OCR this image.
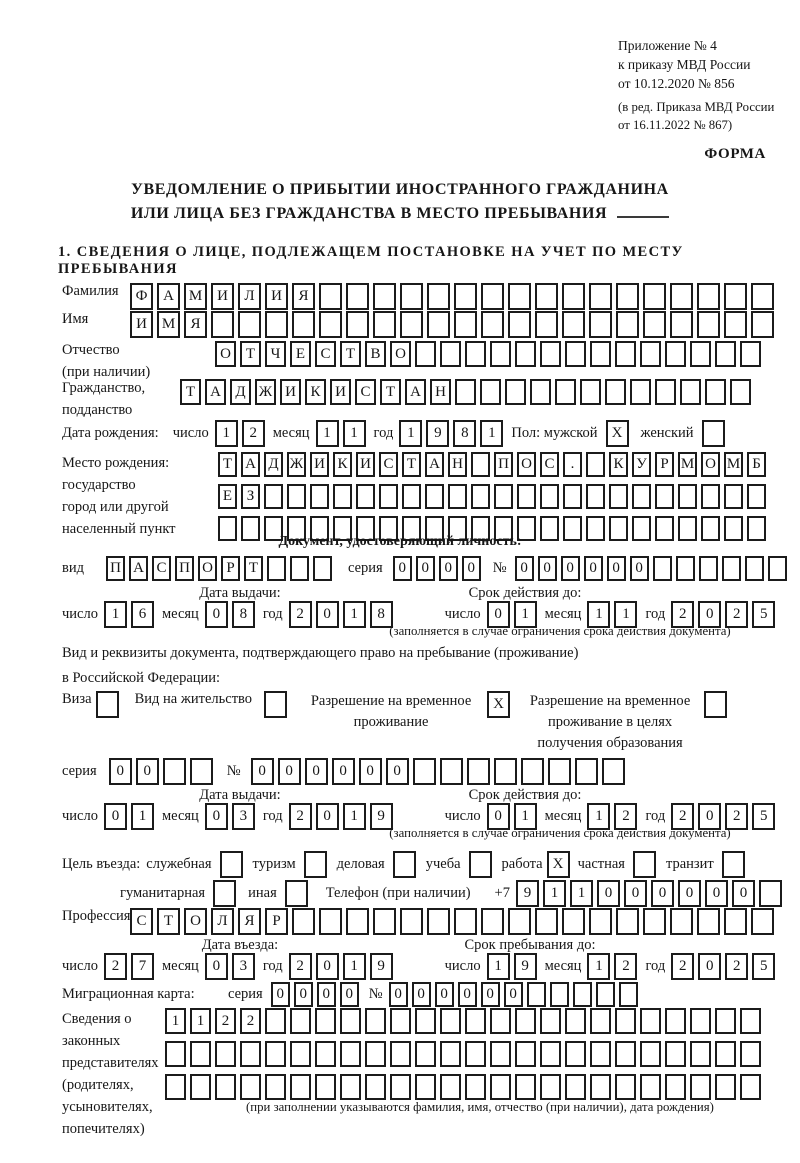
Приложение № 4
к приказу МВД России
от 10.12.2020 № 856
(в ред. Приказа МВД России
от 16.11.2022 № 867)
ФОРМА
УВЕДОМЛЕНИЕ О ПРИБЫТИИ ИНОСТРАННОГО ГРАЖДАНИНА
ИЛИ ЛИЦА БЕЗ ГРАЖДАНСТВА В МЕСТО ПРЕБЫВАНИЯ
1. СВЕДЕНИЯ О ЛИЦЕ, ПОДЛЕЖАЩЕМ ПОСТАНОВКЕ НА УЧЕТ ПО МЕСТУ ПРЕБЫВАНИЯ
Фамилия	Ф	А М И	Л	И	Я
Имя	И М	Я
Отчество
(при наличии)
О Т	Ч	Е	С	Т	В О
Гражданство,
подданство
Т	А Д Ж И К И С	Т	А Н
Дата рождения: число 1	2	месяц 1	1	год 1	9	8	1	Пол: мужской X	женский
Место рождения:
государство
город или другой
населенный пункт
Т А Д Ж И К И С Т А Н П О С	.	К У Р М О М Б
Е З
Документ, удостоверяющий личность:
вид	П А С П О Р Т	серия	0	0	0	0	№ 0	0	0	0	0	0
Дата выдачи:	Срок действия до:
число 1	6	месяц 0	8	год 2	0	1	8	число 0	1	месяц 1	1	год 2	0	2	5
(заполняется в случае ограничения срока действия документа)
Вид и реквизиты документа, подтверждающего право на пребывание (проживание)
в Российской Федерации:
Виза	Вид на жительство	Разрешение на временное проживание
X	Разрешение на временное проживание в целях получения образования
серия	0	0	№	0	0	0	0	0	0
Дата выдачи:	Срок действия до:
число 0	1	месяц 0	3	год 2	0	1	9	число 0	1	месяц 1	2	год 2	0	2	5
(заполняется в случае ограничения срока действия документа)
Цель въезда: служебная	туризм	деловая	учеба	работа X частная	транзит
гуманитарная	иная	Телефон (при наличии) +7 9	1	1	0	0	0	0	0	0
Профессия С	Т	О	Л	Я	Р
Дата въезда:	Срок пребывания до:
число 2	7	месяц 0	3	год 2	0	1	9	число 1	9	месяц 1	2	год 2	0	2	5
Миграционная карта:	серия 0	0	0	0	№ 0	0	0	0	0	0
Сведения о
законных
представителях
(родителях,
усыновителях,
попечителях)
1	1	2	2
(при заполнении указываются фамилия, имя, отчество (при наличии), дата рождения)
